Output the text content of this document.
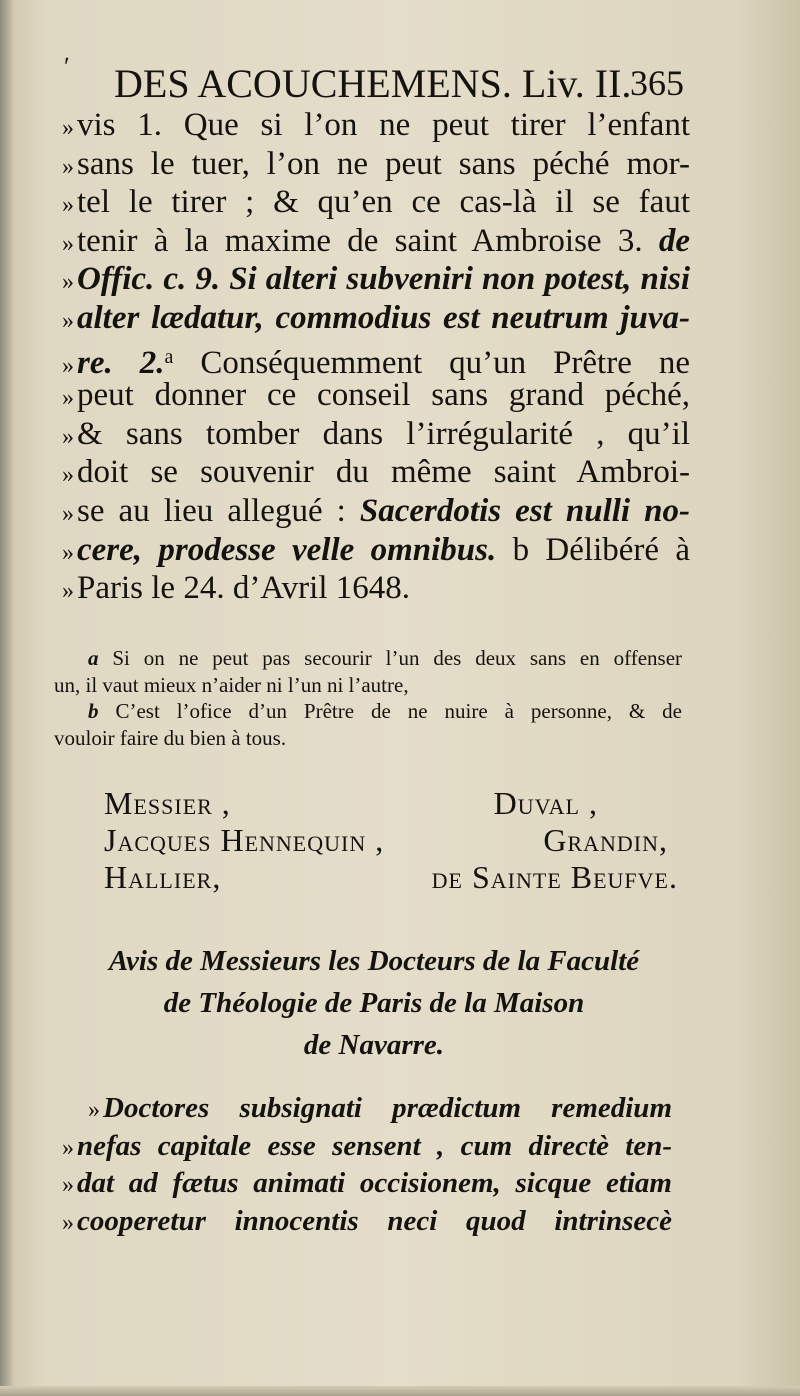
ʹ DES ACOUCHEMENS. Liv. II.
365
» vis 1. Que si l’on ne peut tirer l’enfant
» sans le tuer, l’on ne peut sans péché mor-
» tel le tirer ; & qu’en ce cas-là il se faut
» tenir à la maxime de saint Ambroise 3. de
» Offic. c. 9. Si alteri subveniri non potest, nisi
» alter lædatur, commodius est neutrum juva-
» re. 2.$^a$ Conséquemment qu’un Prêtre ne
» peut donner ce conseil sans grand péché,
» & sans tomber dans l’irrégularité , qu’il
» doit se souvenir du même saint Ambroi-
» se au lieu allegué : Sacerdotis est nulli no-
» cere, prodesse velle omnibus. b Délibéré à
» Paris le 24. d’Avril 1648.
a Si on ne peut pas secourir l’un des deux sans en offenser
un, il vaut mieux n’aider ni l’un ni l’autre,
b C’est l’ofice d’un Prêtre de ne nuire à personne, & de
vouloir faire du bien à tous.
Messier ,	Duval ,
Jacques Hennequin ,	Grandin,
Hallier,	de Sainte Beufve.
Avis de Messieurs les Docteurs de la Faculté
de Théologie de Paris de la Maison
de Navarre.
» Doctores subsignati prædictum remedium
» nefas capitale esse sensent , cum directè ten-
» dat ad fætus animati occisionem, sicque etiam
» cooperetur innocentis neci quod intrinsecè
